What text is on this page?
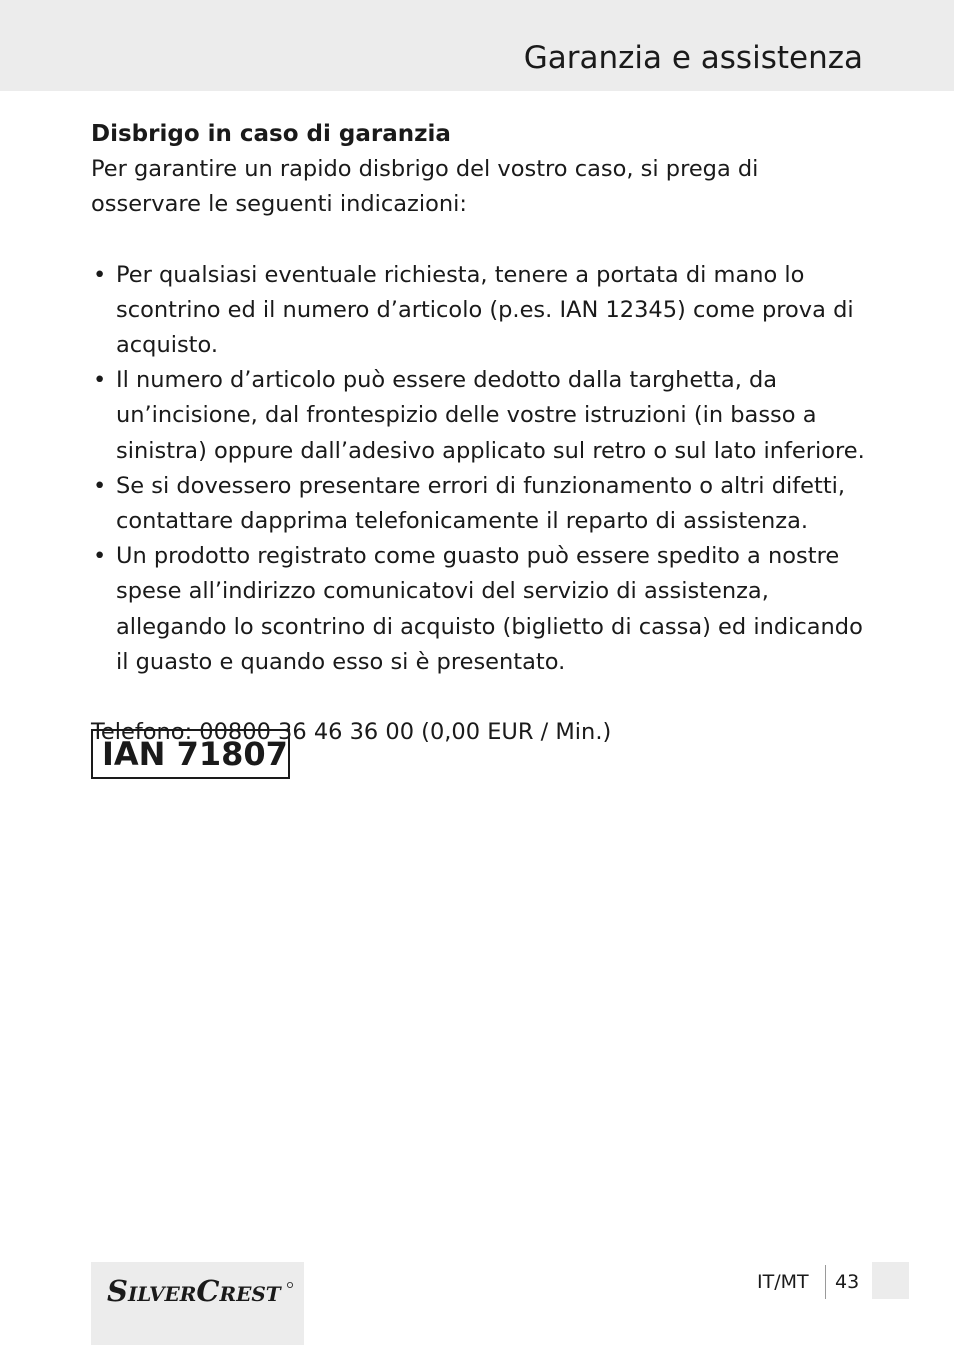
Garanzia e assistenza

Disbrigo in caso di garanzia

Per garantire un rapido disbrigo del vostro caso, si prega di osservare le seguenti indicazioni:

• Per qualsiasi eventuale richiesta, tenere a portata di mano lo scontrino ed il numero d’articolo (p.es. IAN 12345) come prova di acquisto.
• Il numero d’articolo può essere dedotto dalla targhetta, da un’incisione, dal frontespizio delle vostre istruzioni (in basso a sinistra) oppure dall’adesivo applicato sul retro o sul lato inferiore.
• Se si dovessero presentare errori di funzionamento o altri difetti, contattare dapprima telefonicamente il reparto di assistenza.
• Un prodotto registrato come guasto può essere spedito a nostre spese all’indirizzo comunicatovi del servizio di assistenza, allegando lo scontrino di acquisto (biglietto di cassa) ed indicando il guasto e quando esso si è presentato.

Telefono: 00800 36 46 36 00 (0,00 EUR / Min.)

IAN 71807
SILVERCREST	IT/MT 43
